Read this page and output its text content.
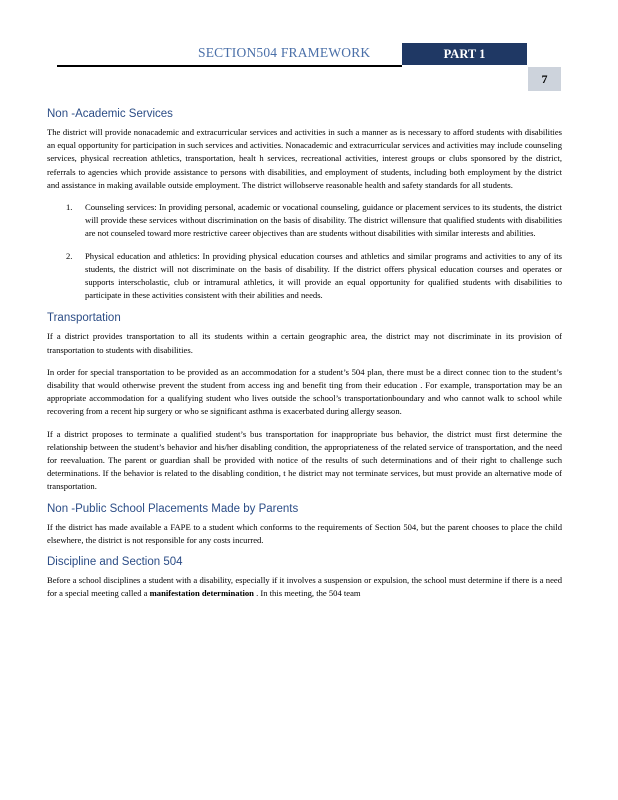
SECTION504 FRAMEWORK	PART 1
7
Non -Academic Services

The district will provide nonacademic and extracurricular services and activities in such a manner as is necessary to afford students with disabilities an equal opportunity for participation in such services and activities. Nonacademic and extracurricular services and activities may include counseling services, physical recreation athletics, transportation, healt h services, recreational activities, interest groups or clubs sponsored by the district, referrals to agencies which provide assistance to persons with disabilities, and employment of students, including both employment by the district and assistance in making available outside employment. The district willobserve reasonable health and safety standards for all students.

1. Counseling services: In providing personal, academic or vocational counseling, guidance or placement services to its students, the district will provide these services without discrimination on the basis of disability. The district willensure that qualified students with disabilities are not counseled toward more restrictive career objectives than are students without disabilities with similar interests and abilities.
2. Physical education and athletics: In providing physical education courses and athletics and similar programs and activities to any of its students, the district will not discriminate on the basis of disability. If the district offers physical education courses and operates or supports interscholastic, club or intramural athletics, it will provide an equal opportunity for qualified students with disabilities to participate in these activities consistent with their abilities and needs.
Transportation

If a district provides transportation to all its students within a certain geographic area, the district may not discriminate in its provision of transportation to students with disabilities.

In order for special transportation to be provided as an accommodation for a student’s 504 plan, there must be a direct connec tion to the student’s disability that would otherwise prevent the student from access ing and benefit ting from their education . For example, transportation may be an appropriate accommodation for a qualifying student who lives outside the school’s transportationboundary and who cannot walk to school while recovering from a recent hip surgery or who se significant asthma is exacerbated during allergy season.

If a district proposes to terminate a qualified student’s bus transportation for inappropriate bus behavior, the district must first determine the relationship between the student’s behavior and his/her disabling condition, the appropriateness of the related service of transportation, and the need for reevaluation. The parent or guardian shall be provided with notice of the results of such determinations and of their right to challenge such determinations. If the behavior is related to the disabling condition, t he district may not terminate services, but must provide an alternative mode of transportation.

Non -Public School Placements Made by Parents

If the district has made available a FAPE to a student which conforms to the requirements of Section 504, but the parent chooses to place the child elsewhere, the district is not responsible for any costs incurred.

Discipline and Section 504

Before a school disciplines a student with a disability, especially if it involves a suspension or expulsion, the school must determine if there is a need for a special meeting called a manifestation determination . In this meeting, the 504 team
